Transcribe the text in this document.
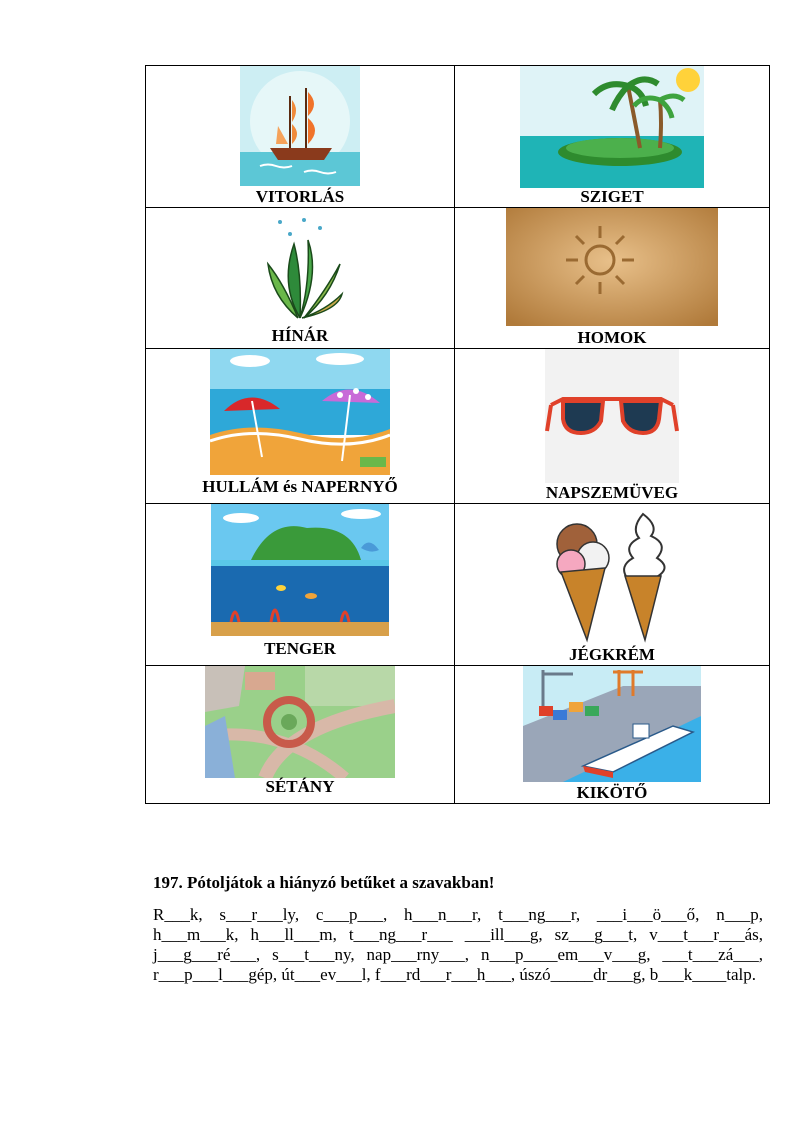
VITORLÁS	SZIGET

HÍNÁR	HOMOK

HULLÁM és NAPERNYŐ	NAPSZEMÜVEG

TENGER	JÉGKRÉM

SÉTÁNY	KIKÖTŐ

197. Pótoljátok a hiányzó betűket a szavakban!

R___k, s___r___ly, c___p___, h___n___r, t___ng___r, ___i___ö___ő, n___p, h___m___k, h___ll___m, t___ng___r___ ___ill___g, sz___g___t, v___t___r___ás, j___g___ré___, s___t___ny, nap___rny___, n___p____em___v___g, ___t___zá___, r___p___l___gép, út___ev___l, f___rd___r___h___, úszó_____dr___g, b___k____talp.
